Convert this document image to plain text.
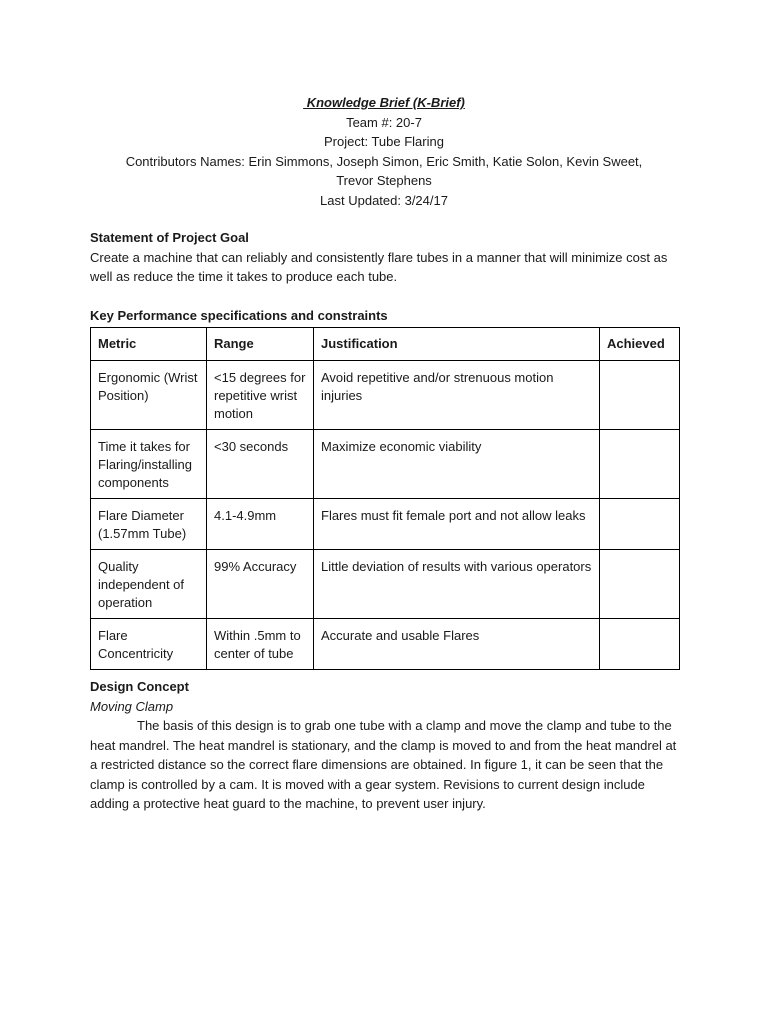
Knowledge Brief (K-Brief)
Team #: 20-7
Project: Tube Flaring
Contributors Names: Erin Simmons, Joseph Simon, Eric Smith, Katie Solon, Kevin Sweet,
Trevor Stephens
Last Updated: 3/24/17
Statement of Project Goal
Create a machine that can reliably and consistently flare tubes in a manner that will minimize cost as well as reduce the time it takes to produce each tube.
Key Performance specifications and constraints
Metric	Range	Justification	Achieved
Ergonomic (Wrist Position)	<15 degrees for repetitive wrist motion	Avoid repetitive and/or strenuous motion injuries	
Time it takes for Flaring/installing components	<30 seconds	Maximize economic viability	
Flare Diameter (1.57mm Tube)	4.1-4.9mm	Flares must fit female port and not allow leaks	
Quality independent of operation	99% Accuracy	Little deviation of results with various operators	
Flare Concentricity	Within .5mm to center of tube	Accurate and usable Flares	
Design Concept
Moving Clamp
The basis of this design is to grab one tube with a clamp and move the clamp and tube to the heat mandrel. The heat mandrel is stationary, and the clamp is moved to and from the heat mandrel at a restricted distance so the correct flare dimensions are obtained. In figure 1, it can be seen that the clamp is controlled by a cam. It is moved with a gear system. Revisions to current design include adding a protective heat guard to the machine, to prevent user injury.
